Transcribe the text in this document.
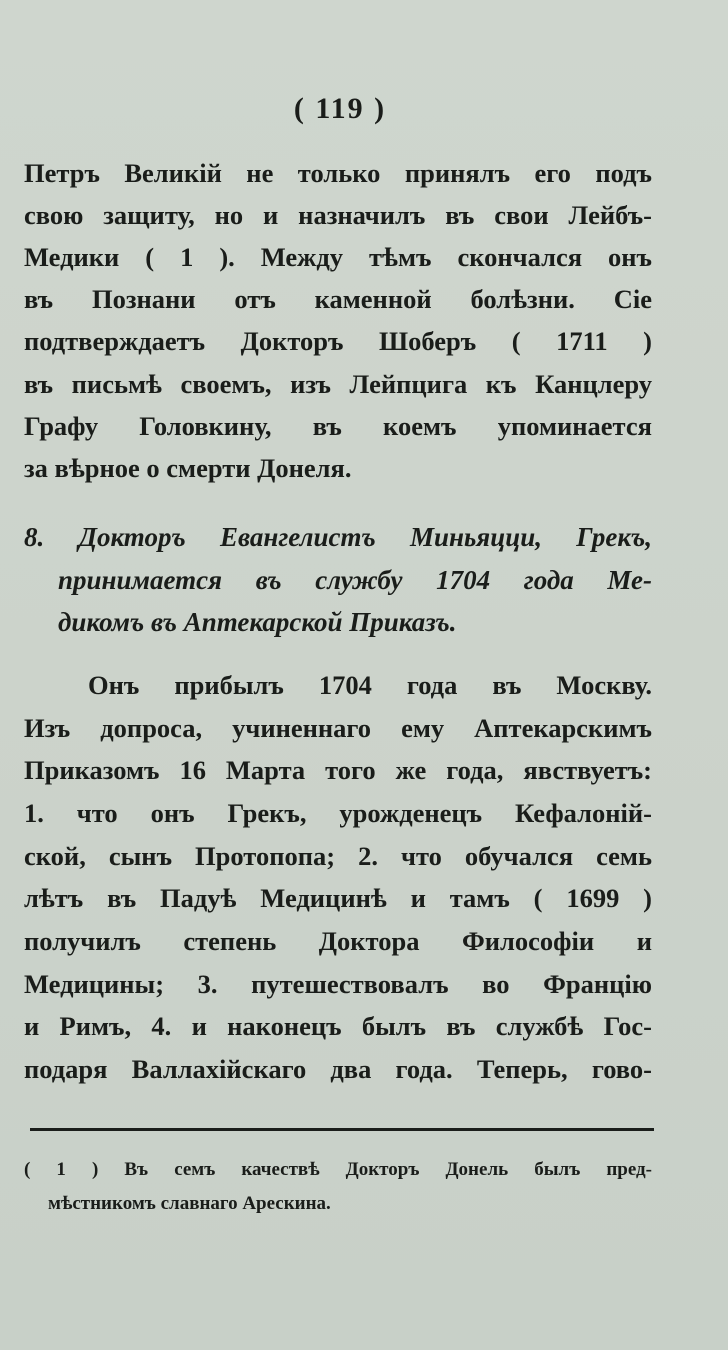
( 119 )
Петръ Великій не только принялъ его подъ
свою защиту, но и назначилъ въ свои Лейбъ-
Медики ( 1 ). Между тѣмъ скончался онъ
въ Познани отъ каменной болѣзни. Сіе
подтверждаетъ Докторъ Шоберъ ( 1711 )
въ письмѣ своемъ, изъ Лейпцига къ Канцлеру
Графу Головкину, въ коемъ упоминается
за вѣрное о смерти Донеля.
8. Докторъ Евангелистъ Миньяцци, Грекъ,
принимается въ службу 1704 года Ме-
дикомъ въ Аптекарской Приказъ.
Онъ прибылъ 1704 года въ Москву.
Изъ допроса, учиненнаго ему Аптекарскимъ
Приказомъ 16 Марта того же года, явствуетъ:
1. что онъ Грекъ, урожденецъ Кефалоній-
ской, сынъ Протопопа; 2. что обучался семь
лѣтъ въ Падуѣ Медицинѣ и тамъ ( 1699 )
получилъ степень Доктора Философіи и
Медицины; 3. путешествовалъ во Францію
и Римъ, 4. и наконецъ былъ въ службѣ Гос-
подаря Валлахійскаго два года. Теперь, гово-
( 1 ) Въ семъ качествѣ Докторъ Донель былъ пред-
мѣстникомъ славнаго Арескина.
